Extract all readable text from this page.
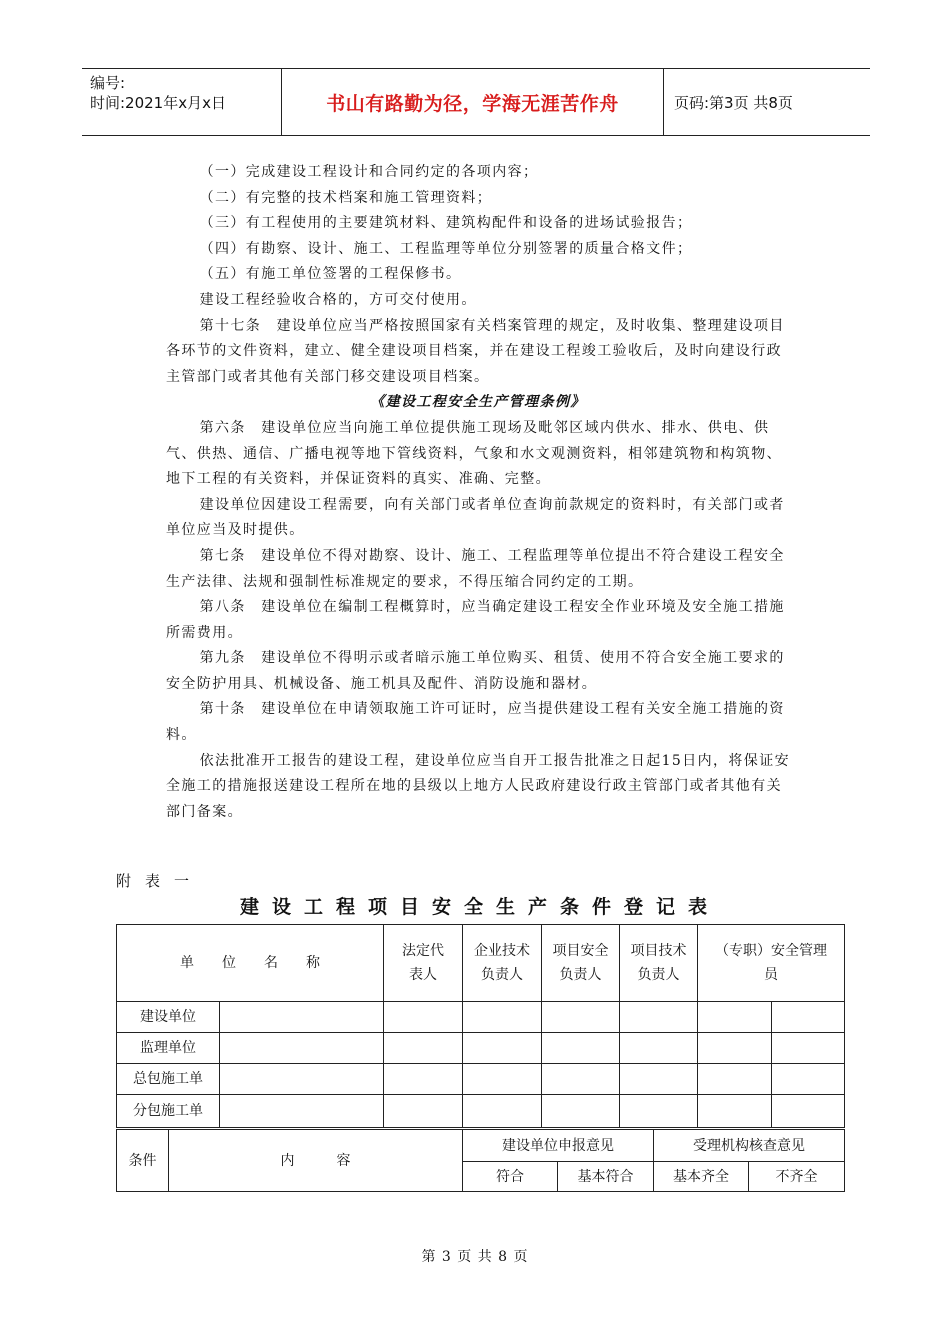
编号:
时间:2021年x月x日	书山有路勤为径，学海无涯苦作舟	页码:第3页 共8页

（一）完成建设工程设计和合同约定的各项内容；

（二）有完整的技术档案和施工管理资料；

（三）有工程使用的主要建筑材料、建筑构配件和设备的进场试验报告；

（四）有勘察、设计、施工、工程监理等单位分别签署的质量合格文件；

（五）有施工单位签署的工程保修书。

建设工程经验收合格的，方可交付使用。

第十七条　建设单位应当严格按照国家有关档案管理的规定，及时收集、整理建设项目各环节的文件资料，建立、健全建设项目档案，并在建设工程竣工验收后，及时向建设行政主管部门或者其他有关部门移交建设项目档案。

《建设工程安全生产管理条例》

第六条　建设单位应当向施工单位提供施工现场及毗邻区域内供水、排水、供电、供气、供热、通信、广播电视等地下管线资料，气象和水文观测资料，相邻建筑物和构筑物、地下工程的有关资料，并保证资料的真实、准确、完整。

建设单位因建设工程需要，向有关部门或者单位查询前款规定的资料时，有关部门或者单位应当及时提供。

第七条　建设单位不得对勘察、设计、施工、工程监理等单位提出不符合建设工程安全生产法律、法规和强制性标准规定的要求，不得压缩合同约定的工期。

第八条　建设单位在编制工程概算时，应当确定建设工程安全作业环境及安全施工措施所需费用。

第九条　建设单位不得明示或者暗示施工单位购买、租赁、使用不符合安全施工要求的安全防护用具、机械设备、施工机具及配件、消防设施和器材。

第十条　建设单位在申请领取施工许可证时，应当提供建设工程有关安全施工措施的资料。

依法批准开工报告的建设工程，建设单位应当自开工报告批准之日起15日内，将保证安全施工的措施报送建设工程所在地的县级以上地方人民政府建设行政主管部门或者其他有关部门备案。

附表一
建设工程项目安全生产条件登记表
单　　位　　名　　称		法定代表人	企业技术负责人	项目安全负责人	项目技术负责人	（专职）安全管理员	
建设单位							
监理单位							
总包施工单							
分包施工单							
条件	内　　　容	建设单位申报意见		受理机构核查意见	
		符合	基本符合	基本齐全	不齐全
第 3 页 共 8 页
